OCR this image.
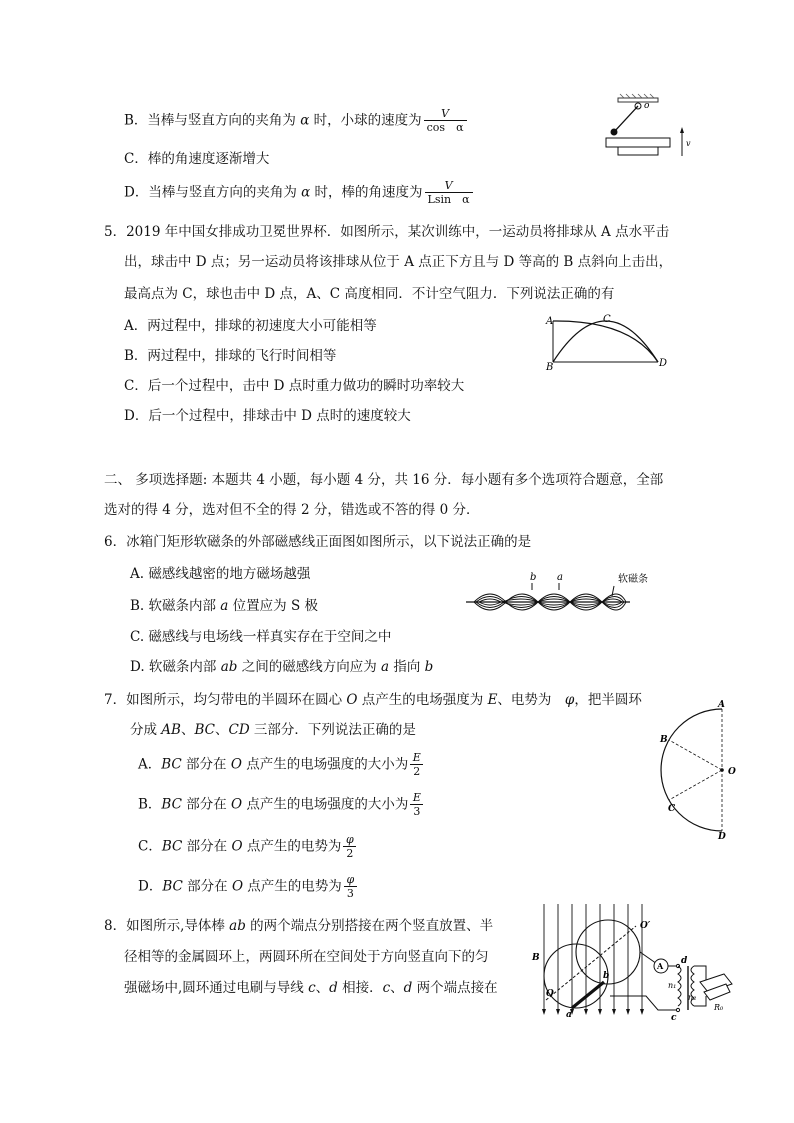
B．当棒与竖直方向的夹角为 α 时，小球的速度为 $\frac{V}{\text{cos　α}}$
C．棒的角速度逐渐增大
D．当棒与竖直方向的夹角为 α 时，棒的角速度为 $\frac{V}{\text{Lsin　α}}$
o
v
5．2019 年中国女排成功卫冕世界杯．如图所示，某次训练中，一运动员将排球从 A 点水平击
出，球击中 D 点；另一运动员将该排球从位于 A 点正下方且与 D 等高的 B 点斜向上击出，
最高点为 C，球也击中 D 点，A、C 高度相同．不计空气阻力．下列说法正确的有
A．两过程中，排球的初速度大小可能相等
B．两过程中，排球的飞行时间相等
C．后一个过程中，击中 D 点时重力做功的瞬时功率较大
D．后一个过程中，排球击中 D 点时的速度较大
A
B
C
D
二、 多项选择题: 本题共 4 小题，每小题 4 分，共 16 分．每小题有多个选项符合题意，全部
选对的得 4 分，选对但不全的得 2 分，错选或不答的得 0 分．
6．冰箱门矩形软磁条的外部磁感线正面图如图所示，以下说法正确的是
A. 磁感线越密的地方磁场越强
B. 软磁条内部 a 位置应为 S 极
C. 磁感线与电场线一样真实存在于空间之中
D. 软磁条内部 ab 之间的磁感线方向应为 a 指向 b
b a	软磁条
7．如图所示，均匀带电的半圆环在圆心 O 点产生的电场强度为 E、电势为　φ，把半圆环
分成 AB、BC、CD 三部分．下列说法正确的是
A．BC 部分在 O 点产生的电场强度的大小为 $\frac{E}{2}$
B．BC 部分在 O 点产生的电场强度的大小为 $\frac{E}{3}$
C．BC 部分在 O 点产生的电势为 $\frac{\varphi}{2}$
D．BC 部分在 O 点产生的电势为 $\frac{\varphi}{3}$
A
B
C
D
O
8．如图所示,导体棒 ab 的两个端点分别搭接在两个竖直放置、半
径相等的金属圆环上，两圆环所在空间处于方向竖直向下的匀
强磁场中,圆环通过电刷与导线 c、d 相接．c、d 两个端点接在
B
O
O′
a
b
A d
c
n₁
n₂
R₀
